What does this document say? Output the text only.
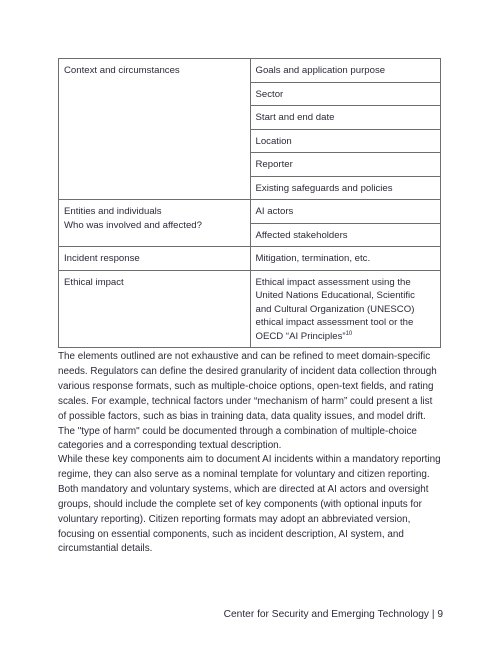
Context and circumstances	Goals and application purpose
	Sector
	Start and end date
	Location
	Reporter
	Existing safeguards and policies

Entities and individuals
Who was involved and affected?	AI actors
	Affected stakeholders
Incident response	Mitigation, termination, etc.
Ethical impact	Ethical impact assessment using the
United Nations Educational, Scientific
and Cultural Organization (UNESCO)
ethical impact assessment tool or the
OECD “AI Principles”$^{10}$

The elements outlined are not exhaustive and can be refined to meet domain-specific needs. Regulators can define the desired granularity of incident data collection through various response formats, such as multiple-choice options, open-text fields, and rating scales. For example, technical factors under “mechanism of harm” could present a list of possible factors, such as bias in training data, data quality issues, and model drift. The "type of harm" could be documented through a combination of multiple-choice categories and a corresponding textual description.

While these key components aim to document AI incidents within a mandatory reporting regime, they can also serve as a nominal template for voluntary and citizen reporting. Both mandatory and voluntary systems, which are directed at AI actors and oversight groups, should include the complete set of key components (with optional inputs for voluntary reporting). Citizen reporting formats may adopt an abbreviated version, focusing on essential components, such as incident description, AI system, and circumstantial details.

Center for Security and Emerging Technology | 9
